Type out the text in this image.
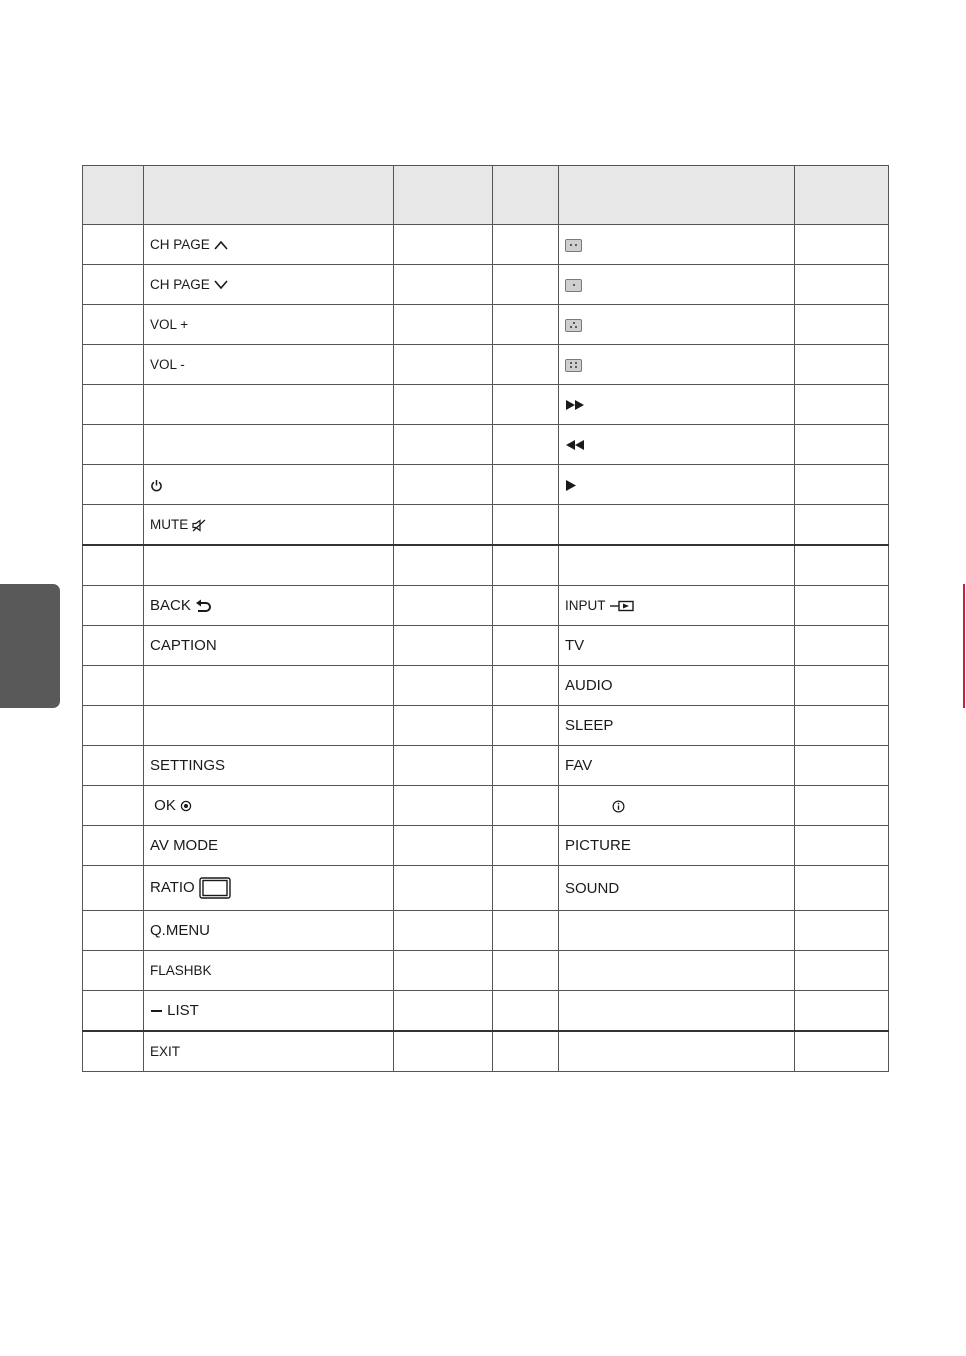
	CH PAGE			

	CH PAGE			

	VOL +			

	VOL -			

	MUTE				

	BACK			INPUT	
	CAPTION			TV	
				AUDIO	
				SLEEP	
	SETTINGS			FAV	
	OK				
	AV MODE			PICTURE	
	RATIO			SOUND	
	Q.MENU				
	FLASHBK				
	LIST				
	EXIT				
